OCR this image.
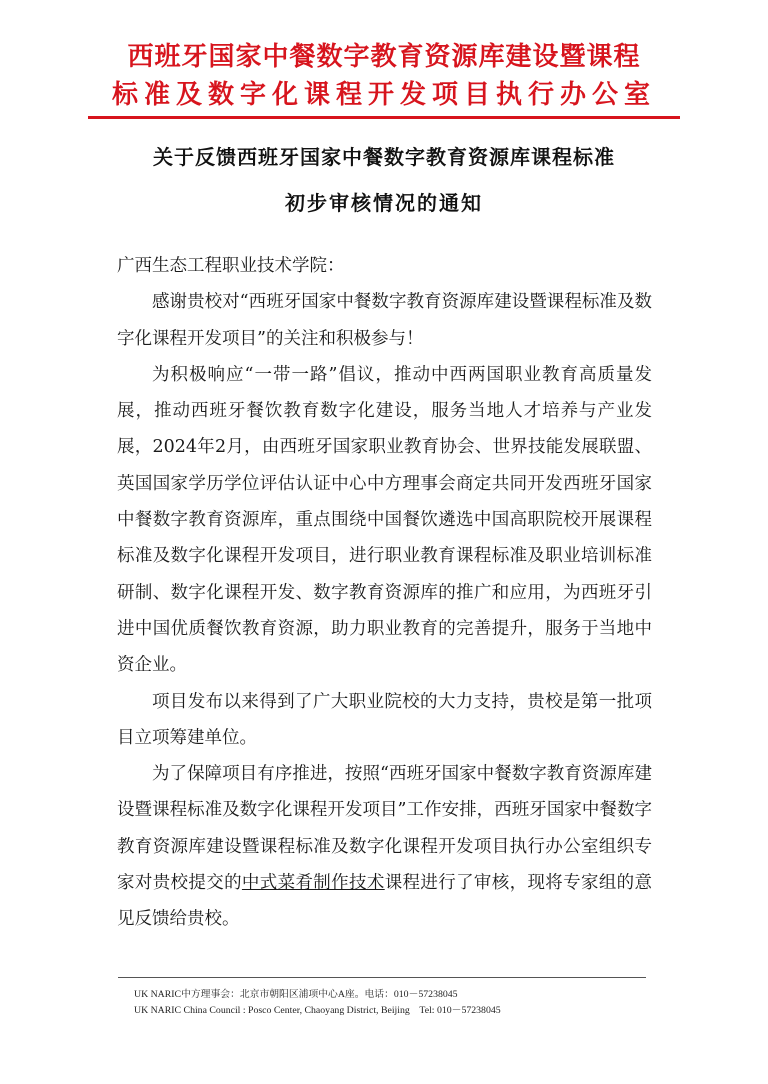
西班牙国家中餐数字教育资源库建设暨课程
标准及数字化课程开发项目执行办公室
关于反馈西班牙国家中餐数字教育资源库课程标准
初步审核情况的通知

广西生态工程职业技术学院：

感谢贵校对“西班牙国家中餐数字教育资源库建设暨课程标准及数字化课程开发项目”的关注和积极参与！

为积极响应“一带一路”倡议，推动中西两国职业教育高质量发展，推动西班牙餐饮教育数字化建设，服务当地人才培养与产业发展，2024年2月，由西班牙国家职业教育协会、世界技能发展联盟、英国国家学历学位评估认证中心中方理事会商定共同开发西班牙国家中餐数字教育资源库，重点围绕中国餐饮遴选中国高职院校开展课程标准及数字化课程开发项目，进行职业教育课程标准及职业培训标准研制、数字化课程开发、数字教育资源库的推广和应用，为西班牙引进中国优质餐饮教育资源，助力职业教育的完善提升，服务于当地中资企业。

项目发布以来得到了广大职业院校的大力支持，贵校是第一批项目立项筹建单位。

为了保障项目有序推进，按照“西班牙国家中餐数字教育资源库建设暨课程标准及数字化课程开发项目”工作安排，西班牙国家中餐数字教育资源库建设暨课程标准及数字化课程开发项目执行办公室组织专家对贵校提交的中式菜肴制作技术课程进行了审核，现将专家组的意见反馈给贵校。

UK NARIC中方理事会：北京市朝阳区浦项中心A座。电话：010－57238045
UK NARIC China Council : Posco Center, Chaoyang District, Beijing    Tel: 010－57238045
